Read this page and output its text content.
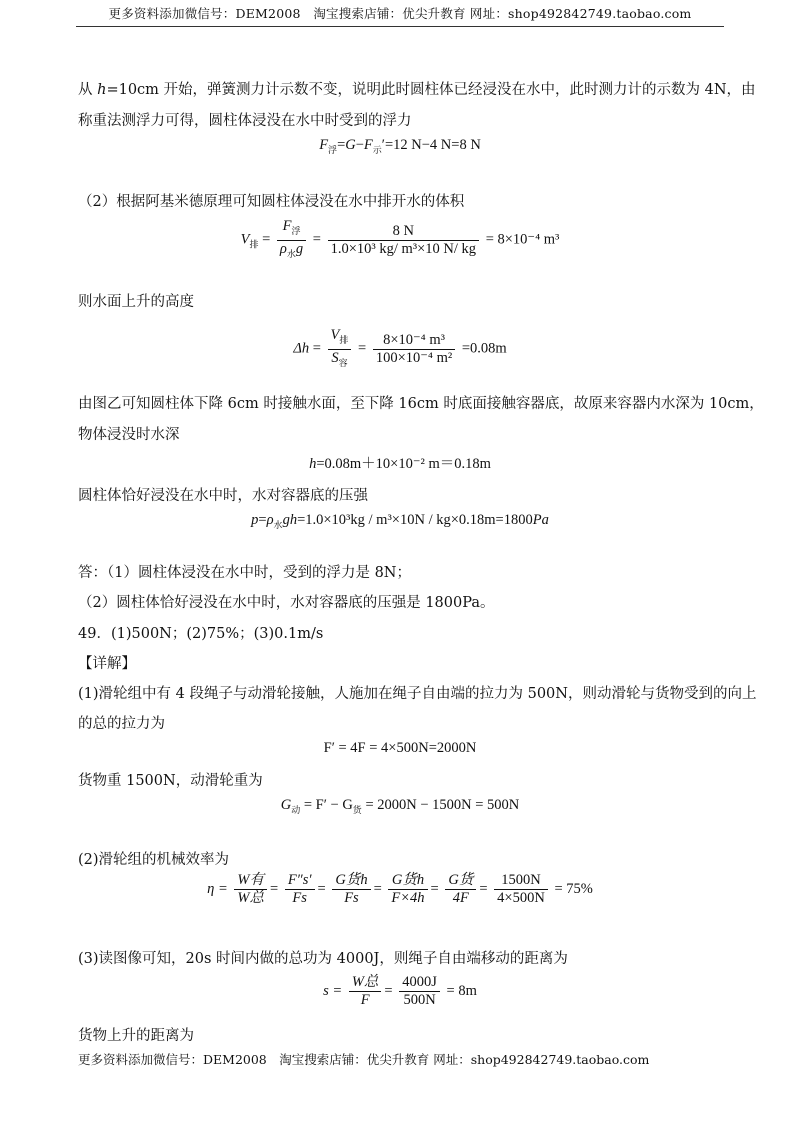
更多资料添加微信号：DEM2008　淘宝搜索店铺：优尖升教育 网址：shop492842749.taobao.com
从 h=10cm 开始，弹簧测力计示数不变，说明此时圆柱体已经浸没在水中，此时测力计的示数为 4N，由
称重法测浮力可得，圆柱体浸没在水中时受到的浮力
$F_浮=G-F_示'=12$ N−4 N=8 N
（2）根据阿基米德原理可知圆柱体浸没在水中排开水的体积
$V_排 = \frac{F_浮}{\rho_水g} = \frac{8 N}{\text{1.0×10³ kg/ m³×10 N/ kg}} = 8\times 10^{-4}$ m³
则水面上升的高度
$\Delta h = \frac{V_排}{S_容} = \frac{\text{8×10⁻⁴ m³}}{\text{100×10⁻⁴ m²}} =0.08m$
由图乙可知圆柱体下降 6cm 时接触水面，至下降 16cm 时底面接触容器底，故原来容器内水深为 10cm，
物体浸没时水深
h=0.08m＋10×10⁻² m＝0.18m
圆柱体恰好浸没在水中时，水对容器底的压强
$p=\rho_水gh=1.0\times 10^3kg / m^3\times 10N / kg\times 0.18m=1800Pa$
答：（1）圆柱体浸没在水中时，受到的浮力是 8N；
（2）圆柱体恰好浸没在水中时，水对容器底的压强是 1800Pa。
49．(1)500N；(2)75%；(3)0.1m/s
【详解】
(1)滑轮组中有 4 段绳子与动滑轮接触，人施加在绳子自由端的拉力为 500N，则动滑轮与货物受到的向上
的总的拉力为
F′ = 4F = 4×500N=2000N
货物重 1500N，动滑轮重为
$G_动 = F' - G_货 = 2000N - 1500N = 500N$
(2)滑轮组的机械效率为
$\eta = \frac{\text{W有}}{\text{W总}} = \frac{F''s'}{Fs} = \frac{\text{G货h}}{Fs} = \frac{\text{G货h}}{F\times 4h} = \frac{\text{G货}}{4F} = \frac{1500N}{4\times 500N} = 75\%$
(3)读图像可知，20s 时间内做的总功为 4000J，则绳子自由端移动的距离为
$s = \frac{\text{W总}}{F} = \frac{4000J}{500N} = 8m$
货物上升的距离为
更多资料添加微信号：DEM2008　淘宝搜索店铺：优尖升教育 网址：shop492842749.taobao.com
